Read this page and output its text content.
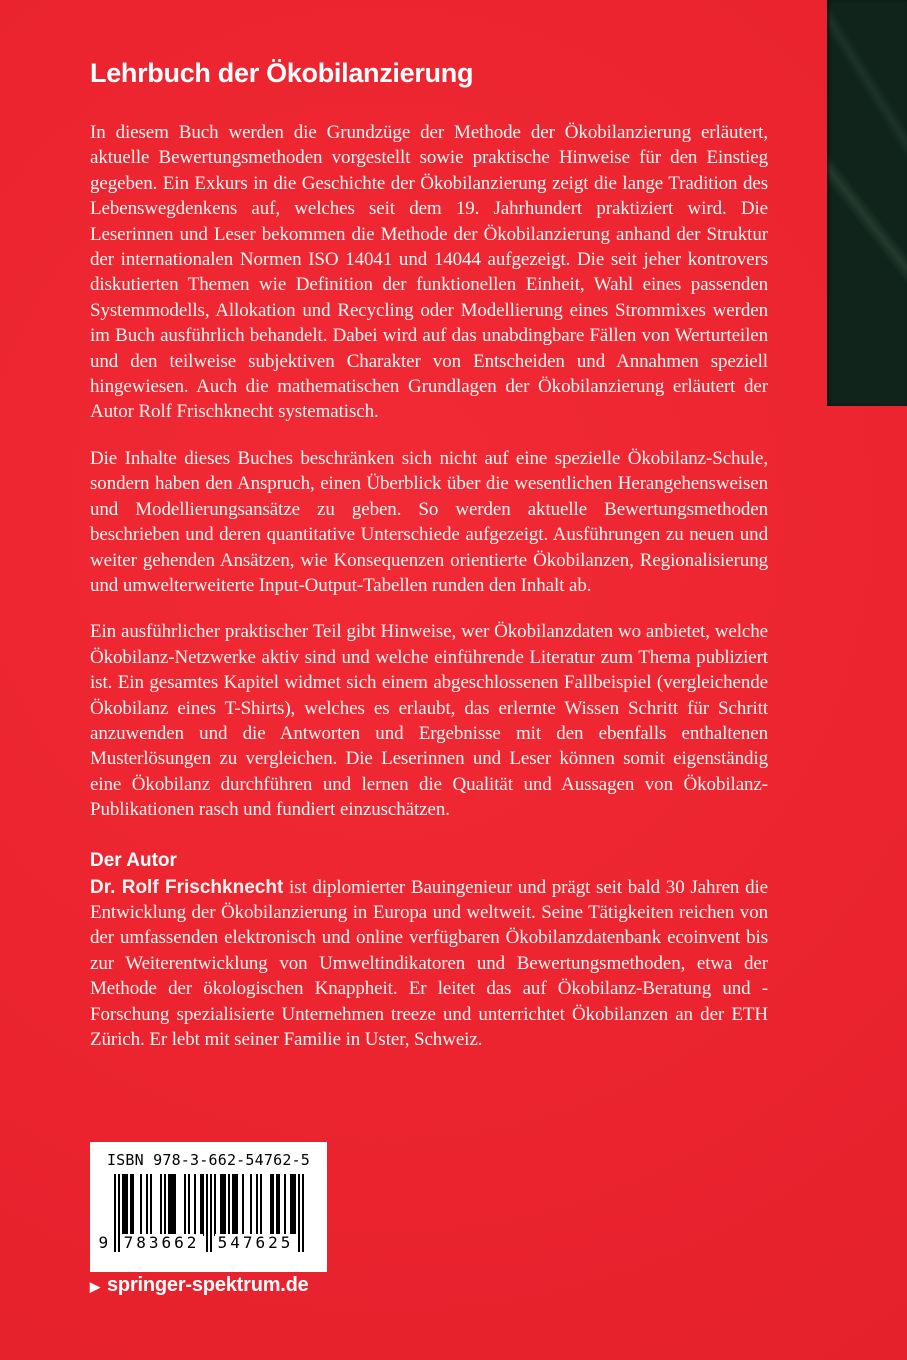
Lehrbuch der Ökobilanzierung

In diesem Buch werden die Grundzüge der Methode der Ökobilanzierung erläutert, aktuelle Bewertungsmethoden vorgestellt sowie praktische Hinweise für den Einstieg gegeben. Ein Exkurs in die Geschichte der Ökobilanzierung zeigt die lange Tradition des Lebenswegdenkens auf, welches seit dem 19. Jahrhundert praktiziert wird. Die Leserinnen und Leser bekommen die Methode der Ökobilanzierung anhand der Struktur der internationalen Normen ISO 14041 und 14044 aufgezeigt. Die seit jeher kontrovers diskutierten Themen wie Definition der funktionellen Einheit, Wahl eines passenden Systemmodells, Allokation und Recycling oder Modellierung eines Strommixes werden im Buch ausführlich behandelt. Dabei wird auf das unabdingbare Fällen von Werturteilen und den teilweise subjektiven Charakter von Entscheiden und Annahmen speziell hingewiesen. Auch die mathematischen Grundlagen der Ökobilanzierung erläutert der Autor Rolf Frischknecht systematisch.

Die Inhalte dieses Buches beschränken sich nicht auf eine spezielle Ökobilanz-Schule, sondern haben den Anspruch, einen Überblick über die wesentlichen Herangehensweisen und Modellierungsansätze zu geben. So werden aktuelle Bewertungsmethoden beschrieben und deren quantitative Unterschiede aufgezeigt. Ausführungen zu neuen und weiter gehenden Ansätzen, wie Konsequenzen orientierte Ökobilanzen, Regionalisierung und umwelterweiterte Input-Output-Tabellen runden den Inhalt ab.

Ein ausführlicher praktischer Teil gibt Hinweise, wer Ökobilanzdaten wo anbietet, welche Ökobilanz-Netzwerke aktiv sind und welche einführende Literatur zum Thema publiziert ist. Ein gesamtes Kapitel widmet sich einem abgeschlossenen Fallbeispiel (vergleichende Ökobilanz eines T-Shirts), welches es erlaubt, das erlernte Wissen Schritt für Schritt anzuwenden und die Antworten und Ergebnisse mit den ebenfalls enthaltenen Musterlösungen zu vergleichen. Die Leserinnen und Leser können somit eigenständig eine Ökobilanz durchführen und lernen die Qualität und Aussagen von Ökobilanz-Publikationen rasch und fundiert einzuschätzen.

Der Autor

Dr. Rolf Frischknecht ist diplomierter Bauingenieur und prägt seit bald 30 Jahren die Entwicklung der Ökobilanzierung in Europa und weltweit. Seine Tätigkeiten reichen von der umfassenden elektronisch und online verfügbaren Ökobilanzdatenbank ecoinvent bis zur Weiterentwicklung von Umweltindikatoren und Bewertungsmethoden, etwa der Methode der ökologischen Knappheit. Er leitet das auf Ökobilanz-Beratung und -Forschung spezialisierte Unternehmen treeze und unterrichtet Ökobilanzen an der ETH Zürich. Er lebt mit seiner Familie in Uster, Schweiz.

ISBN 978-3-662-54762-5
9 783662 547625
▶ springer-spektrum.de
